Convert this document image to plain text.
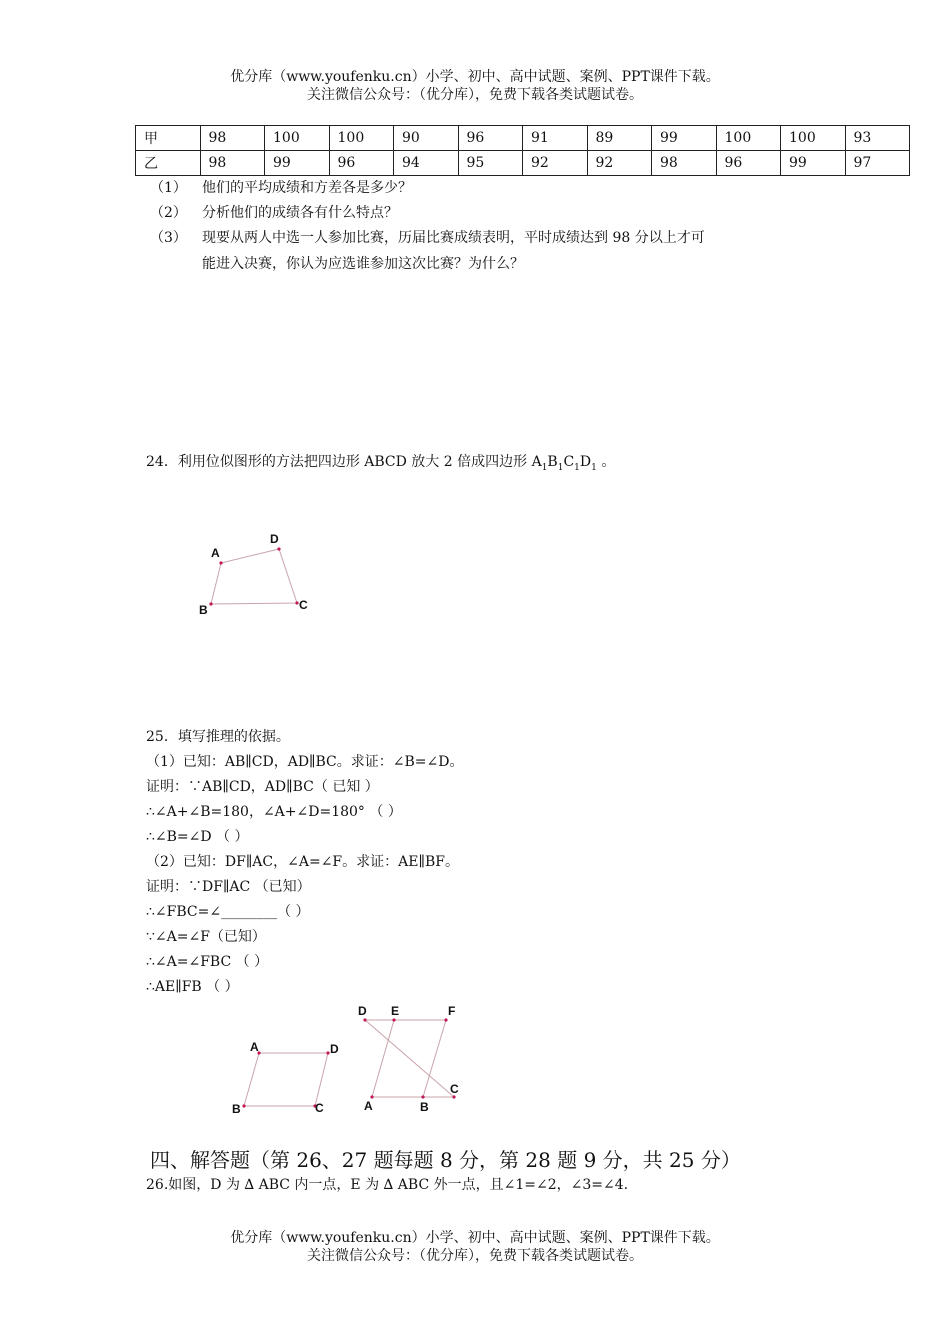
优分库（www.youfenku.cn）小学、初中、高中试题、案例、PPT课件下载。
关注微信公众号：（优分库），免费下载各类试题试卷。
甲	98	100	100	90	96	91	89	99	100	100	93
乙	98	99	96	94	95	92	92	98	96	99	97
（1） 他们的平均成绩和方差各是多少？
（2） 分析他们的成绩各有什么特点？
（3） 现要从两人中选一人参加比赛，历届比赛成绩表明，平时成绩达到 98 分以上才可
能进入决赛，你认为应选谁参加这次比赛？为什么？
24．利用位似图形的方法把四边形 ABCD 放大 2 倍成四边形 $A_1B_1C_1D_1$ 。
25．填写推理的依据。
（1）已知：AB∥CD，AD∥BC。求证：∠B=∠D。
证明：∵AB∥CD，AD∥BC（ 已知 ）
∴∠A+∠B=180，∠A+∠D=180° （ ）
∴∠B=∠D （ ）
（2）已知：DF∥AC，∠A=∠F。求证：AE∥BF。
证明：∵DF∥AC （已知）
∴∠FBC=∠________（ ）
∵∠A=∠F（已知）
∴∠A=∠FBC （ ）
∴AE∥FB （ ）
A
D
C
B
A	D
C
B
D E	F
A	B
C
四、解答题（第 26、27 题每题 8 分，第 28 题 9 分，共 25 分）
26.如图，D 为 ∆ ABC 内一点，E 为 ∆ ABC 外一点，且∠1=∠2，∠3=∠4.
优分库（www.youfenku.cn）小学、初中、高中试题、案例、PPT课件下载。
关注微信公众号：（优分库），免费下载各类试题试卷。
